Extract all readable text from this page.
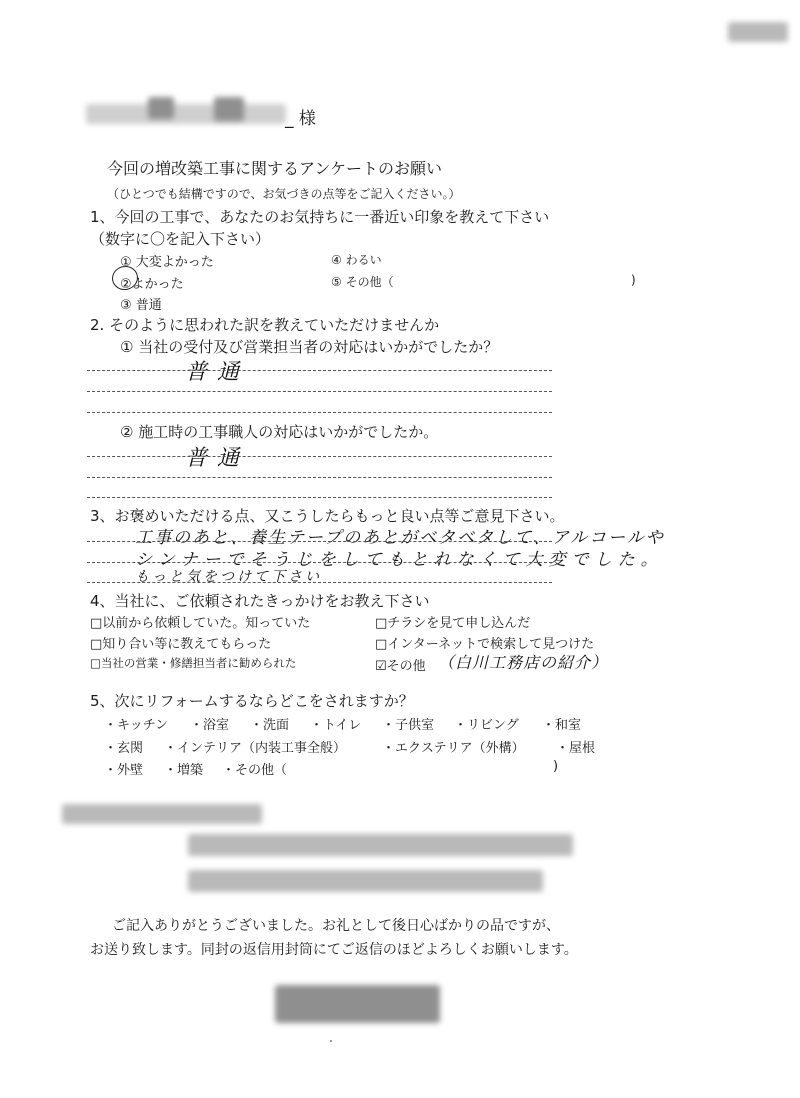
_ 様
今回の増改築工事に関するアンケートのお願い
（ひとつでも結構ですので、お気づきの点等をご記入ください。）
1、今回の工事で、あなたのお気持ちに一番近い印象を教えて下さい
（数字に〇を記入下さい）
① 大変よかった
②よかった
③ 普通
④ わるい
⑤ その他（	)
2. そのように思われた訳を教えていただけませんか
① 当社の受付及び営業担当者の対応はいかがでしたか？
普通
② 施工時の工事職人の対応はいかがでしたか。
普通
3、お褒めいただける点、又こうしたらもっと良い点等ご意見下さい。
工事のあと、養生テープのあとがベタベタして、アルコールや
シンナーでそうじをしてもとれなくて大変でした。
もっと気をつけて下さい
4、当社に、ご依頼されたきっかけをお教え下さい
□以前から依頼していた。知っていた
□知り合い等に教えてもらった
□当社の営業・修繕担当者に勧められた
□チラシを見て申し込んだ
□インターネットで検索して見つけた
☑その他 （白川工務店の紹介）
5、次にリフォームするならどこをされますか？
・キッチン ・浴室 ・洗面 ・トイレ ・子供室 ・リビング ・和室
・玄関 ・インテリア（内装工事全般）	・エクステリア（外構） ・屋根
・外壁 ・増築 ・その他（	)
ご記入ありがとうございました。お礼として後日心ばかりの品ですが、
お送り致します。同封の返信用封筒にてご返信のほどよろしくお願いします。
